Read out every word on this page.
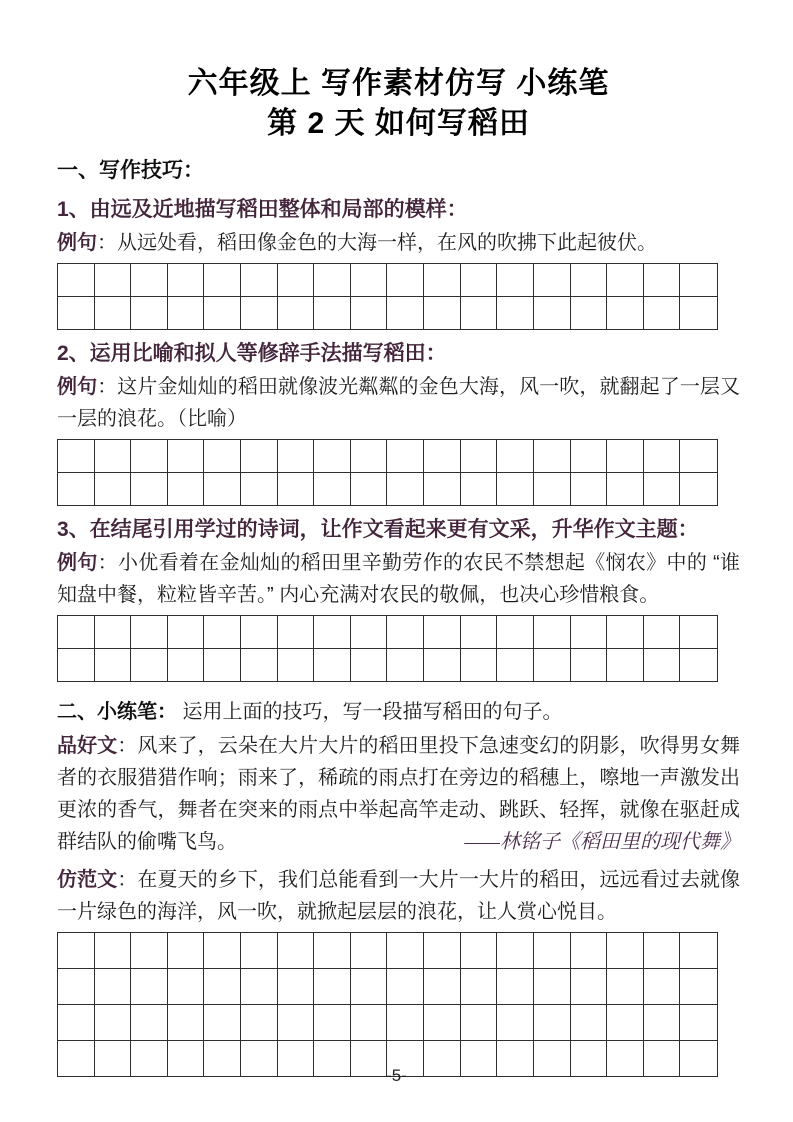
六年级上 写作素材仿写 小练笔
第 2 天 如何写稻田
一、写作技巧：
1、由远及近地描写稻田整体和局部的模样：

例句：从远处看，稻田像金色的大海一样，在风的吹拂下此起彼伏。

2、运用比喻和拟人等修辞手法描写稻田：

例句：这片金灿灿的稻田就像波光粼粼的金色大海，风一吹，就翻起了一层又一层的浪花。（比喻）

3、在结尾引用学过的诗词，让作文看起来更有文采，升华作文主题：

例句：小优看着在金灿灿的稻田里辛勤劳作的农民不禁想起《悯农》中的 “谁知盘中餐，粒粒皆辛苦。” 内心充满对农民的敬佩，也决心珍惜粮食。

二、小练笔： 运用上面的技巧，写一段描写稻田的句子。

品好文：风来了，云朵在大片大片的稻田里投下急速变幻的阴影，吹得男女舞者的衣服猎猎作响；雨来了，稀疏的雨点打在旁边的稻穗上，嚓地一声激发出更浓的香气，舞者在突来的雨点中举起高竿走动、跳跃、轻挥，就像在驱赶成群结队的偷嘴飞鸟。	——林铭子《稻田里的现代舞》

仿范文：在夏天的乡下，我们总能看到一大片一大片的稻田，远远看过去就像一片绿色的海洋，风一吹，就掀起层层的浪花，让人赏心悦目。

-5-
